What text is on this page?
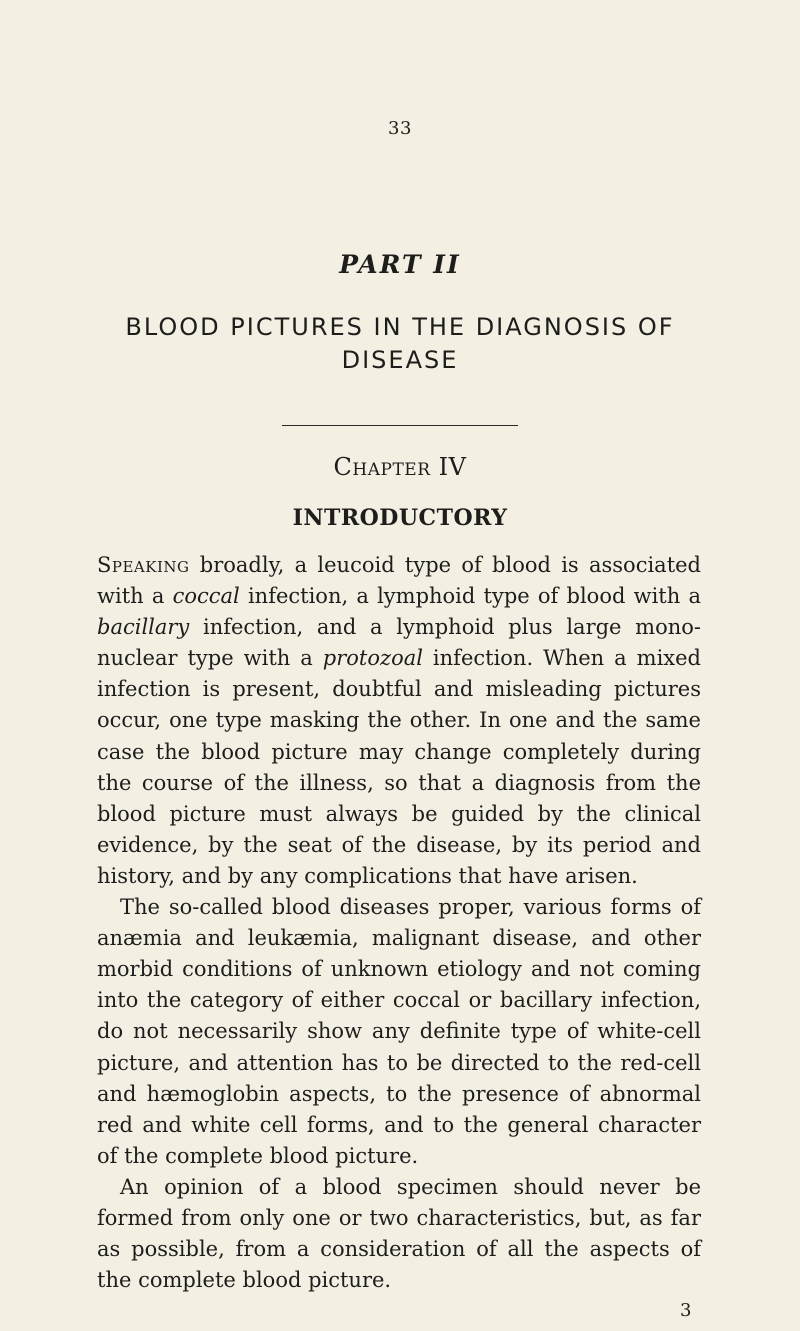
33
PART II
BLOOD PICTURES IN THE DIAGNOSIS OF DISEASE
Chapter IV
INTRODUCTORY

Speaking broadly, a leucoid type of blood is associated with a coccal infection, a lymphoid type of blood with a bacillary infection, and a lymphoid plus large mono-nuclear type with a protozoal infection. When a mixed infection is present, doubtful and misleading pictures occur, one type masking the other. In one and the same case the blood picture may change completely during the course of the illness, so that a diagnosis from the blood picture must always be guided by the clinical evidence, by the seat of the disease, by its period and history, and by any complications that have arisen.

The so-called blood diseases proper, various forms of anæmia and leukæmia, malignant disease, and other morbid conditions of unknown etiology and not coming into the category of either coccal or bacillary infection, do not necessarily show any definite type of white-cell picture, and attention has to be directed to the red-cell and hæmoglobin aspects, to the presence of abnormal red and white cell forms, and to the general character of the complete blood picture.

An opinion of a blood specimen should never be formed from only one or two characteristics, but, as far as possible, from a consideration of all the aspects of the complete blood picture.

3
